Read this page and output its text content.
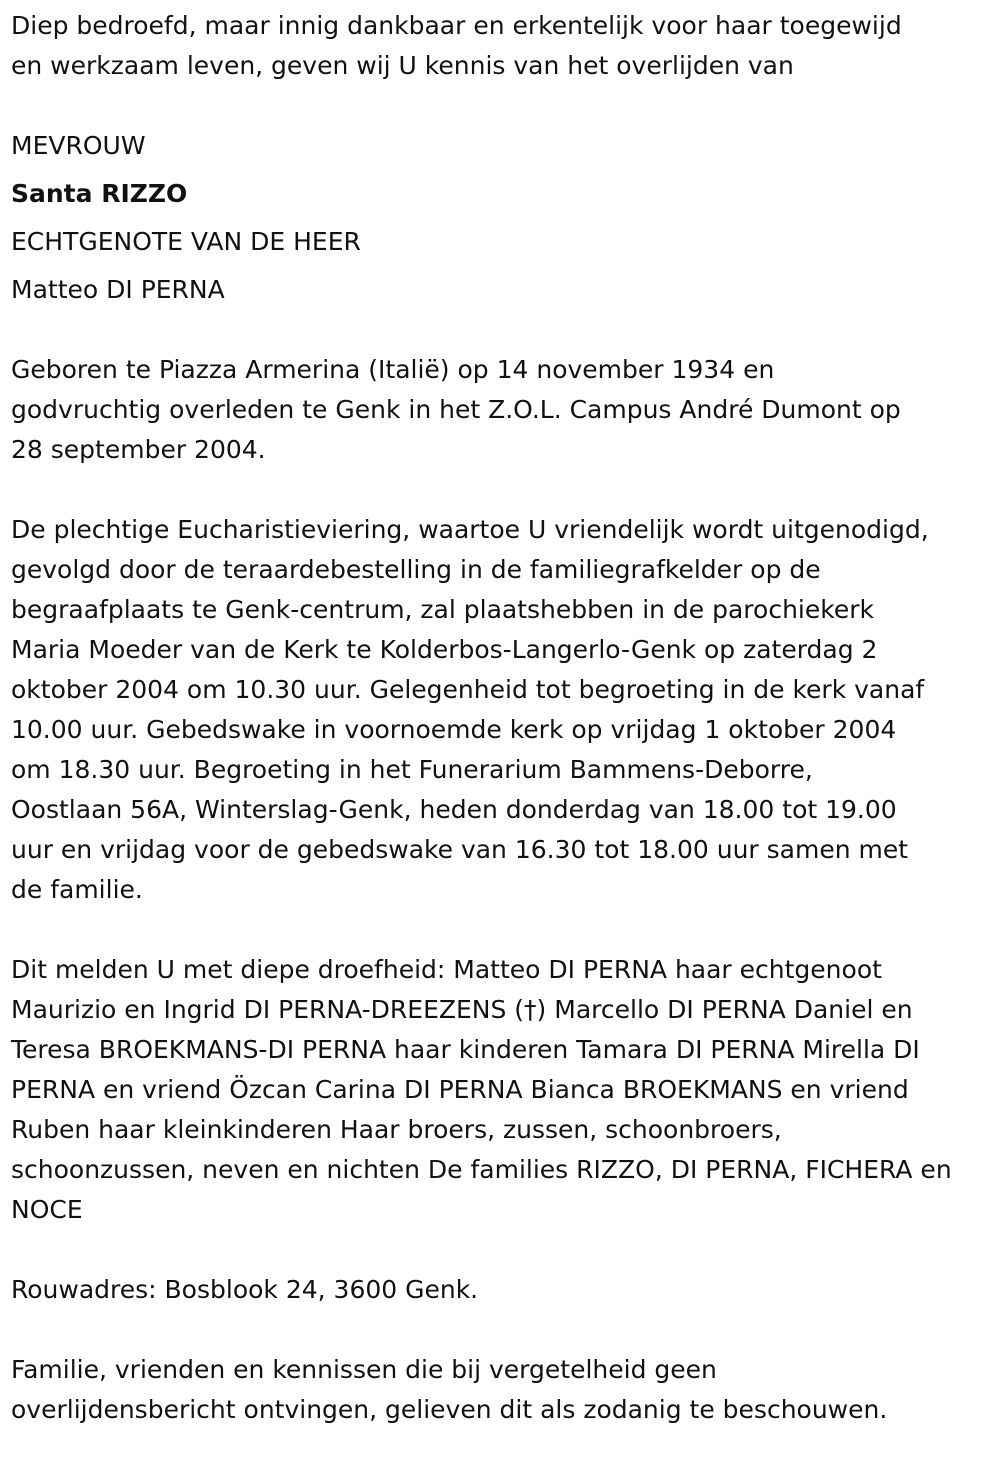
Diep bedroefd, maar innig dankbaar en erkentelijk voor haar toegewijd
en werkzaam leven, geven wij U kennis van het overlijden van

MEVROUW
Santa RIZZO
ECHTGENOTE VAN DE HEER
Matteo DI PERNA

Geboren te Piazza Armerina (Italië) op 14 november 1934 en
godvruchtig overleden te Genk in het Z.O.L. Campus André Dumont op
28 september 2004.

De plechtige Eucharistieviering, waartoe U vriendelijk wordt uitgenodigd,
gevolgd door de teraardebestelling in de familiegrafkelder op de
begraafplaats te Genk-centrum, zal plaatshebben in de parochiekerk
Maria Moeder van de Kerk te Kolderbos-Langerlo-Genk op zaterdag 2
oktober 2004 om 10.30 uur. Gelegenheid tot begroeting in de kerk vanaf
10.00 uur. Gebedswake in voornoemde kerk op vrijdag 1 oktober 2004
om 18.30 uur. Begroeting in het Funerarium Bammens-Deborre,
Oostlaan 56A, Winterslag-Genk, heden donderdag van 18.00 tot 19.00
uur en vrijdag voor de gebedswake van 16.30 tot 18.00 uur samen met
de familie.

Dit melden U met diepe droefheid: Matteo DI PERNA haar echtgenoot
Maurizio en Ingrid DI PERNA-DREEZENS (†) Marcello DI PERNA Daniel en
Teresa BROEKMANS-DI PERNA haar kinderen Tamara DI PERNA Mirella DI
PERNA en vriend Özcan Carina DI PERNA Bianca BROEKMANS en vriend
Ruben haar kleinkinderen Haar broers, zussen, schoonbroers,
schoonzussen, neven en nichten De families RIZZO, DI PERNA, FICHERA en
NOCE

Rouwadres: Bosblook 24, 3600 Genk.

Familie, vrienden en kennissen die bij vergetelheid geen
overlijdensbericht ontvingen, gelieven dit als zodanig te beschouwen.
